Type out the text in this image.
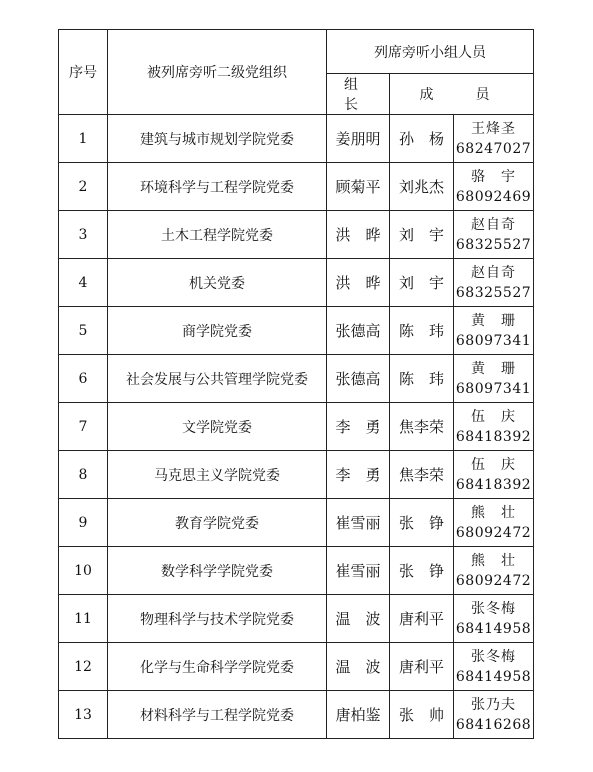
序号	被列席旁听二级党组织	列席旁听小组人员		
		组　长	成　员	
1	建筑与城市规划学院党委	姜朋明	孙　杨	王烽圣
68247027

2	环境科学与工程学院党委	顾菊平	刘兆杰	骆　宇
68092469

3	土木工程学院党委	洪　晔	刘　宇	赵自奇
68325527

4	机关党委	洪　晔	刘　宇	赵自奇
68325527

5	商学院党委	张德高	陈　玮	黄　珊
68097341

6	社会发展与公共管理学院党委	张德高	陈　玮	黄　珊
68097341

7	文学院党委	李　勇	焦李荣	伍　庆
68418392

8	马克思主义学院党委	李　勇	焦李荣	伍　庆
68418392

9	教育学院党委	崔雪丽	张　铮	熊　壮
68092472

10	数学科学学院党委	崔雪丽	张　铮	熊　壮
68092472

11	物理科学与技术学院党委	温　波	唐利平	张冬梅
68414958

12	化学与生命科学学院党委	温　波	唐利平	张冬梅
68414958

13	材料科学与工程学院党委	唐柏鉴	张　帅	张乃夫
68416268
